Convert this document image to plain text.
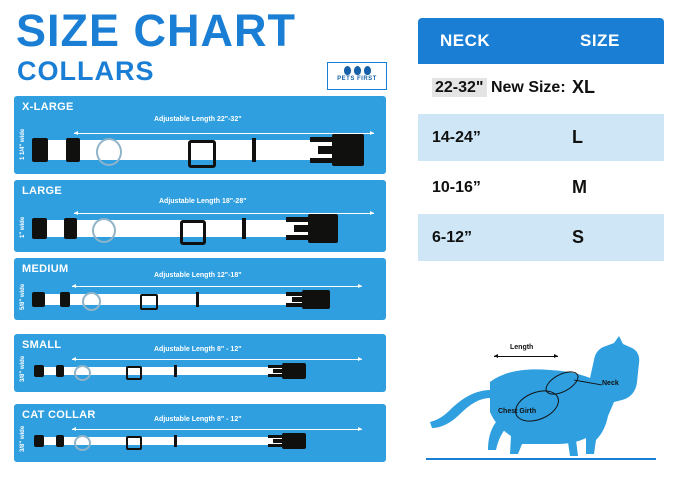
SIZE CHART
COLLARS	PETS FIRST
X-LARGE
1 1/4" wide
Adjustable Length 22"-32"
LARGE
1" wide
Adjustable Length 18"-28"
MEDIUM
5/8" wide
Adjustable Length 12"-18"
SMALL
3/8" wide
Adjustable Length 8" - 12"
CAT COLLAR
3/8" wide
Adjustable Length 8" - 12"
NECK	SIZE
22-32" New Size: XL
14-24”	L
10-16”	M
6-12”	S
Length
Neck
Chest Girth
